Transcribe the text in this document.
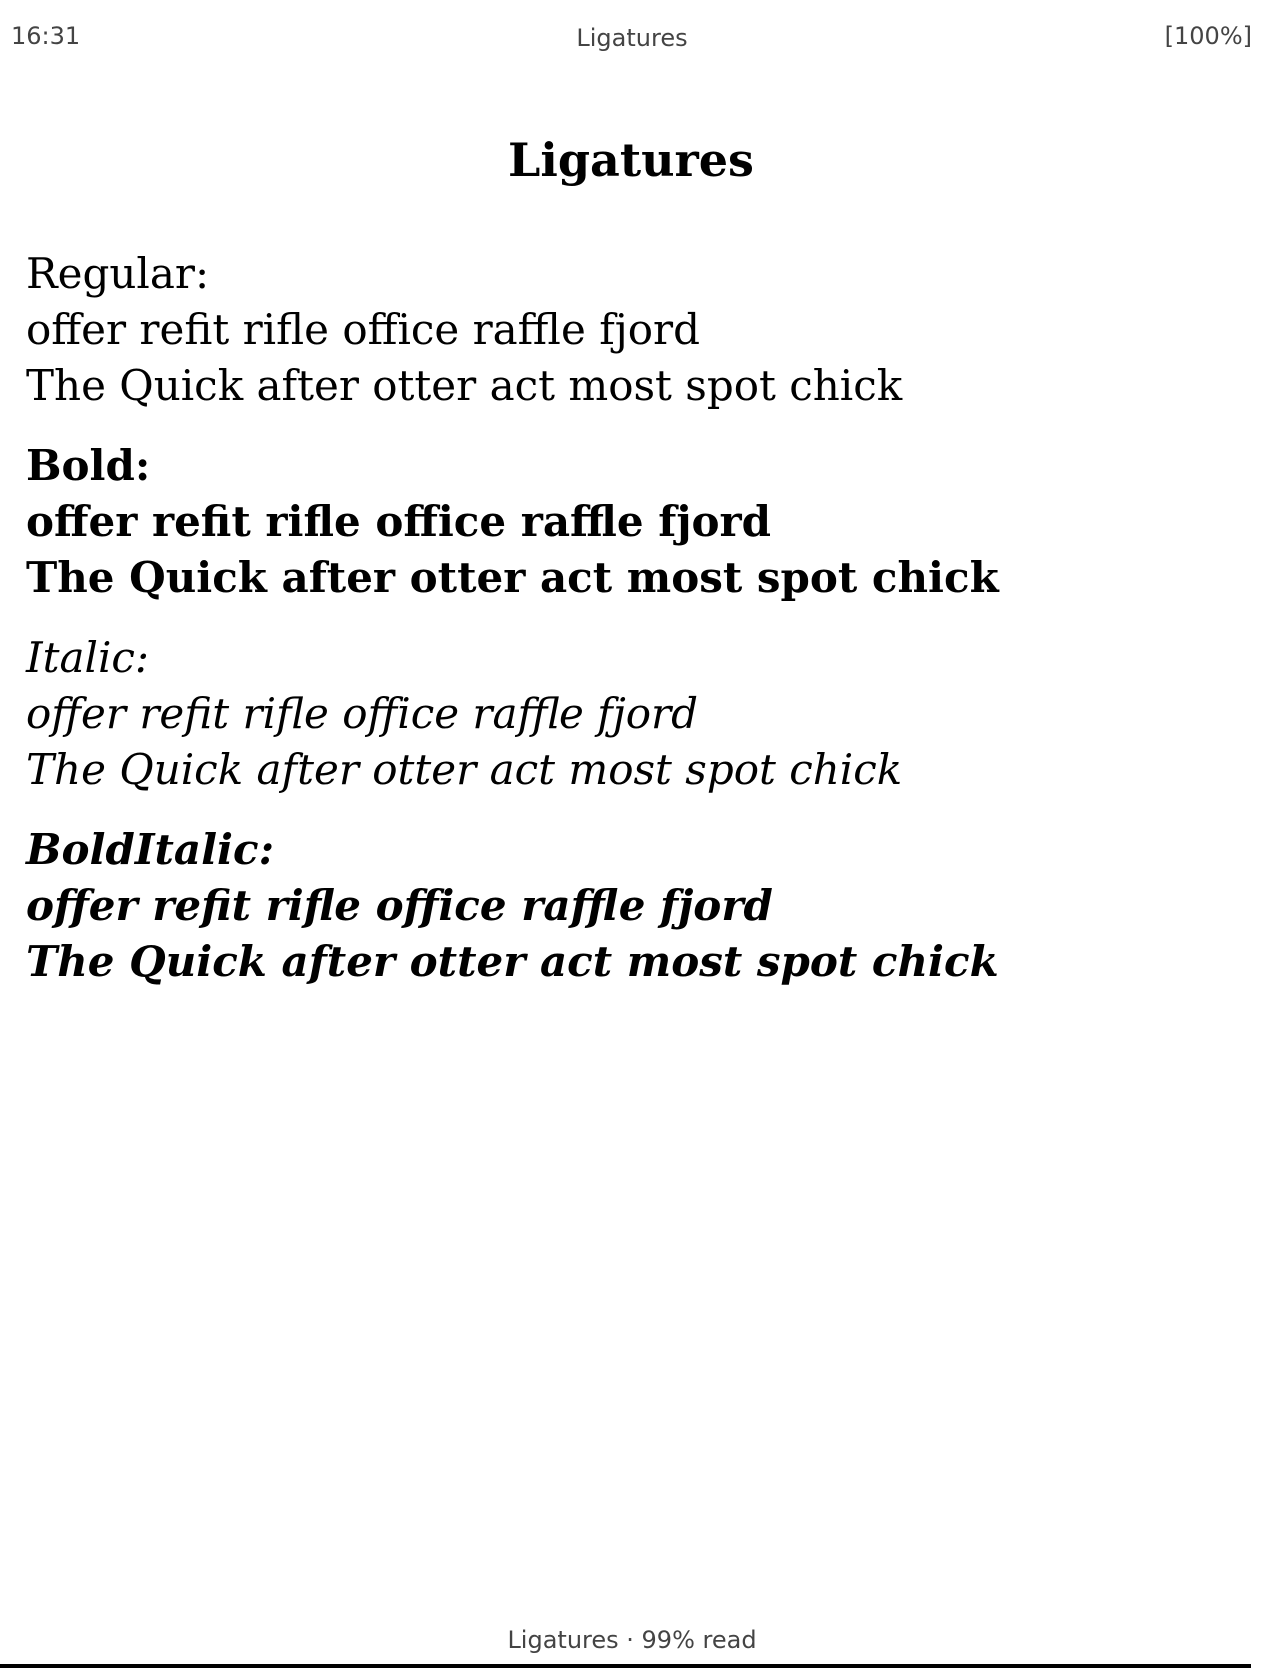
16:31	Ligatures	[100%]
Ligatures

Regular:

offer refit rifle office raffle fjord

The Quick after otter act most spot chick

Bold:

offer refit rifle office raffle fjord

The Quick after otter act most spot chick

Italic:

offer refit rifle office raffle fjord

The Quick after otter act most spot chick

BoldItalic:

offer refit rifle office raffle fjord

The Quick after otter act most spot chick

Ligatures · 99% read
